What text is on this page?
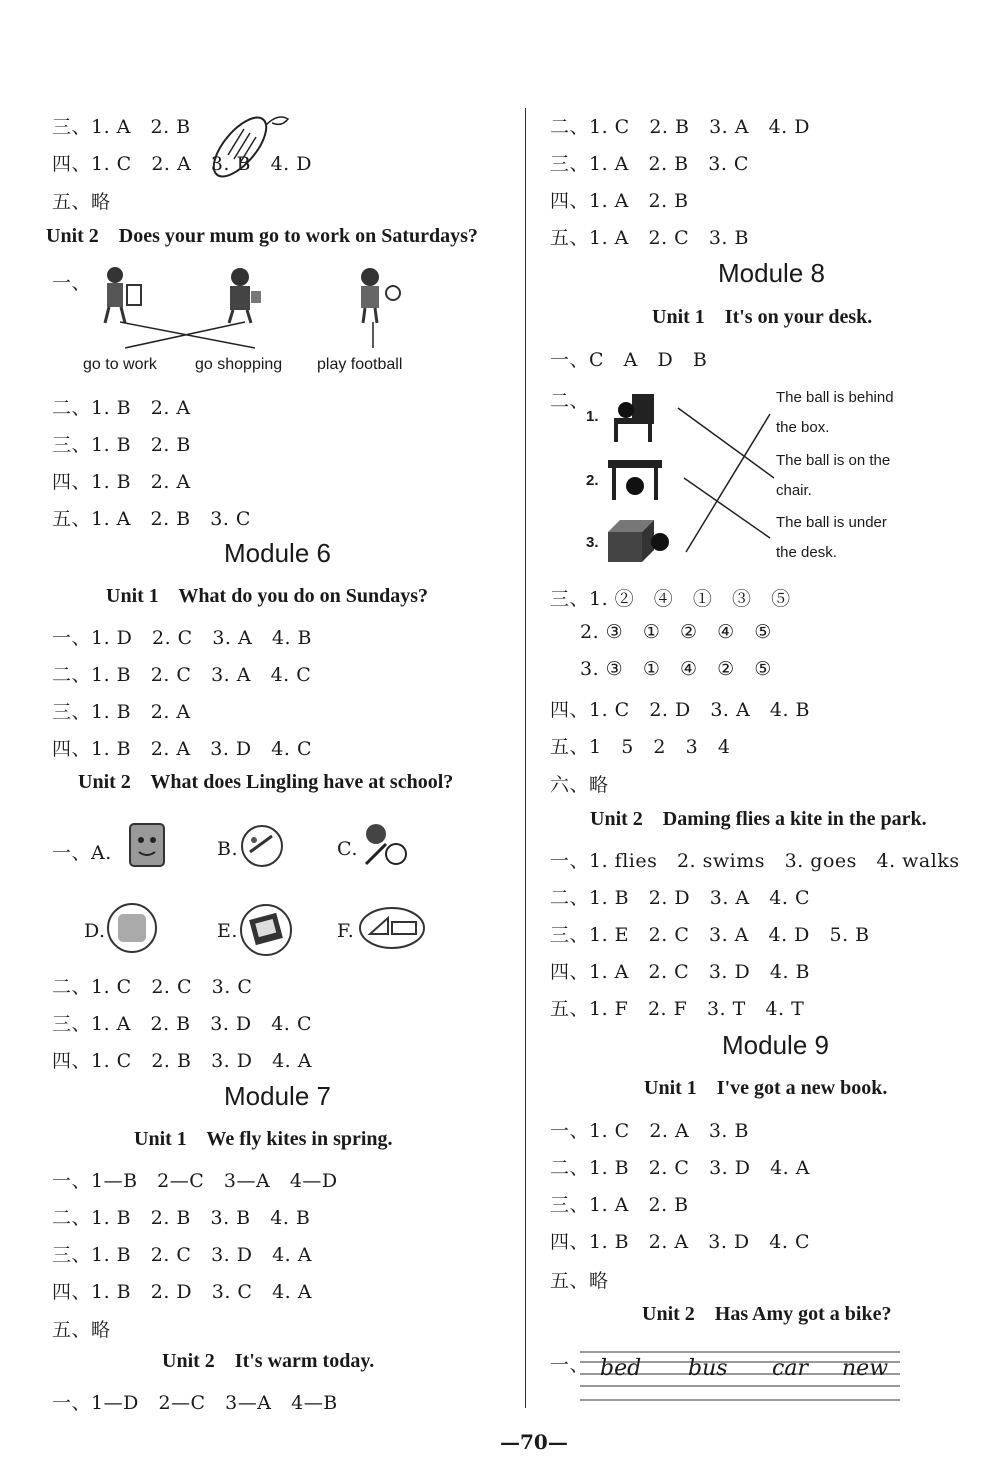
三、1. A   2. B
四、1. C   2. A   3. B   4. D
五、略
Unit 2    Does your mum go to work on Saturdays?
一、
go to work go shopping play football
二、1. B   2. A
三、1. B   2. B
四、1. B   2. A
五、1. A   2. B   3. C
Module 6
Unit 1    What do you do on Sundays?
一、1. D   2. C   3. A   4. B
二、1. B   2. C   3. A   4. C
三、1. B   2. A
四、1. B   2. A   3. D   4. C
Unit 2    What does Lingling have at school?
一、A.	B.	C.
D.	E.	F.
二、1. C   2. C   3. C
三、1. A   2. B   3. D   4. C
四、1. C   2. B   3. D   4. A
Module 7
Unit 1    We fly kites in spring.
一、1—B   2—C   3—A   4—D
二、1. B   2. B   3. B   4. B
三、1. B   2. C   3. D   4. A
四、1. B   2. D   3. C   4. A
五、略
Unit 2    It's warm today.
一、1—D   2—C   3—A   4—B
二、1. C   2. B   3. A   4. D
三、1. A   2. B   3. C
四、1. A   2. B
五、1. A   2. C   3. B
Module 8
Unit 1    It's on your desk.
一、C   A   D   B
二、
1.
2.
3.
The ball is behind
the box.
The ball is on the
chair.
The ball is under
the desk.
三、1. ②   ④   ①   ③   ⑤
2. ③   ①   ②   ④   ⑤
3. ③   ①   ④   ②   ⑤
四、1. C   2. D   3. A   4. B
五、1   5   2   3   4
六、略
Unit 2    Daming flies a kite in the park.
一、1. flies   2. swims   3. goes   4. walks
二、1. B   2. D   3. A   4. C
三、1. E   2. C   3. A   4. D   5. B
四、1. A   2. C   3. D   4. B
五、1. F   2. F   3. T   4. T
Module 9
Unit 1    I've got a new book.
一、1. C   2. A   3. B
二、1. B   2. C   3. D   4. A
三、1. A   2. B
四、1. B   2. A   3. D   4. C
五、略
Unit 2    Has Amy got a bike?
一、 bed bus car new
—70—
